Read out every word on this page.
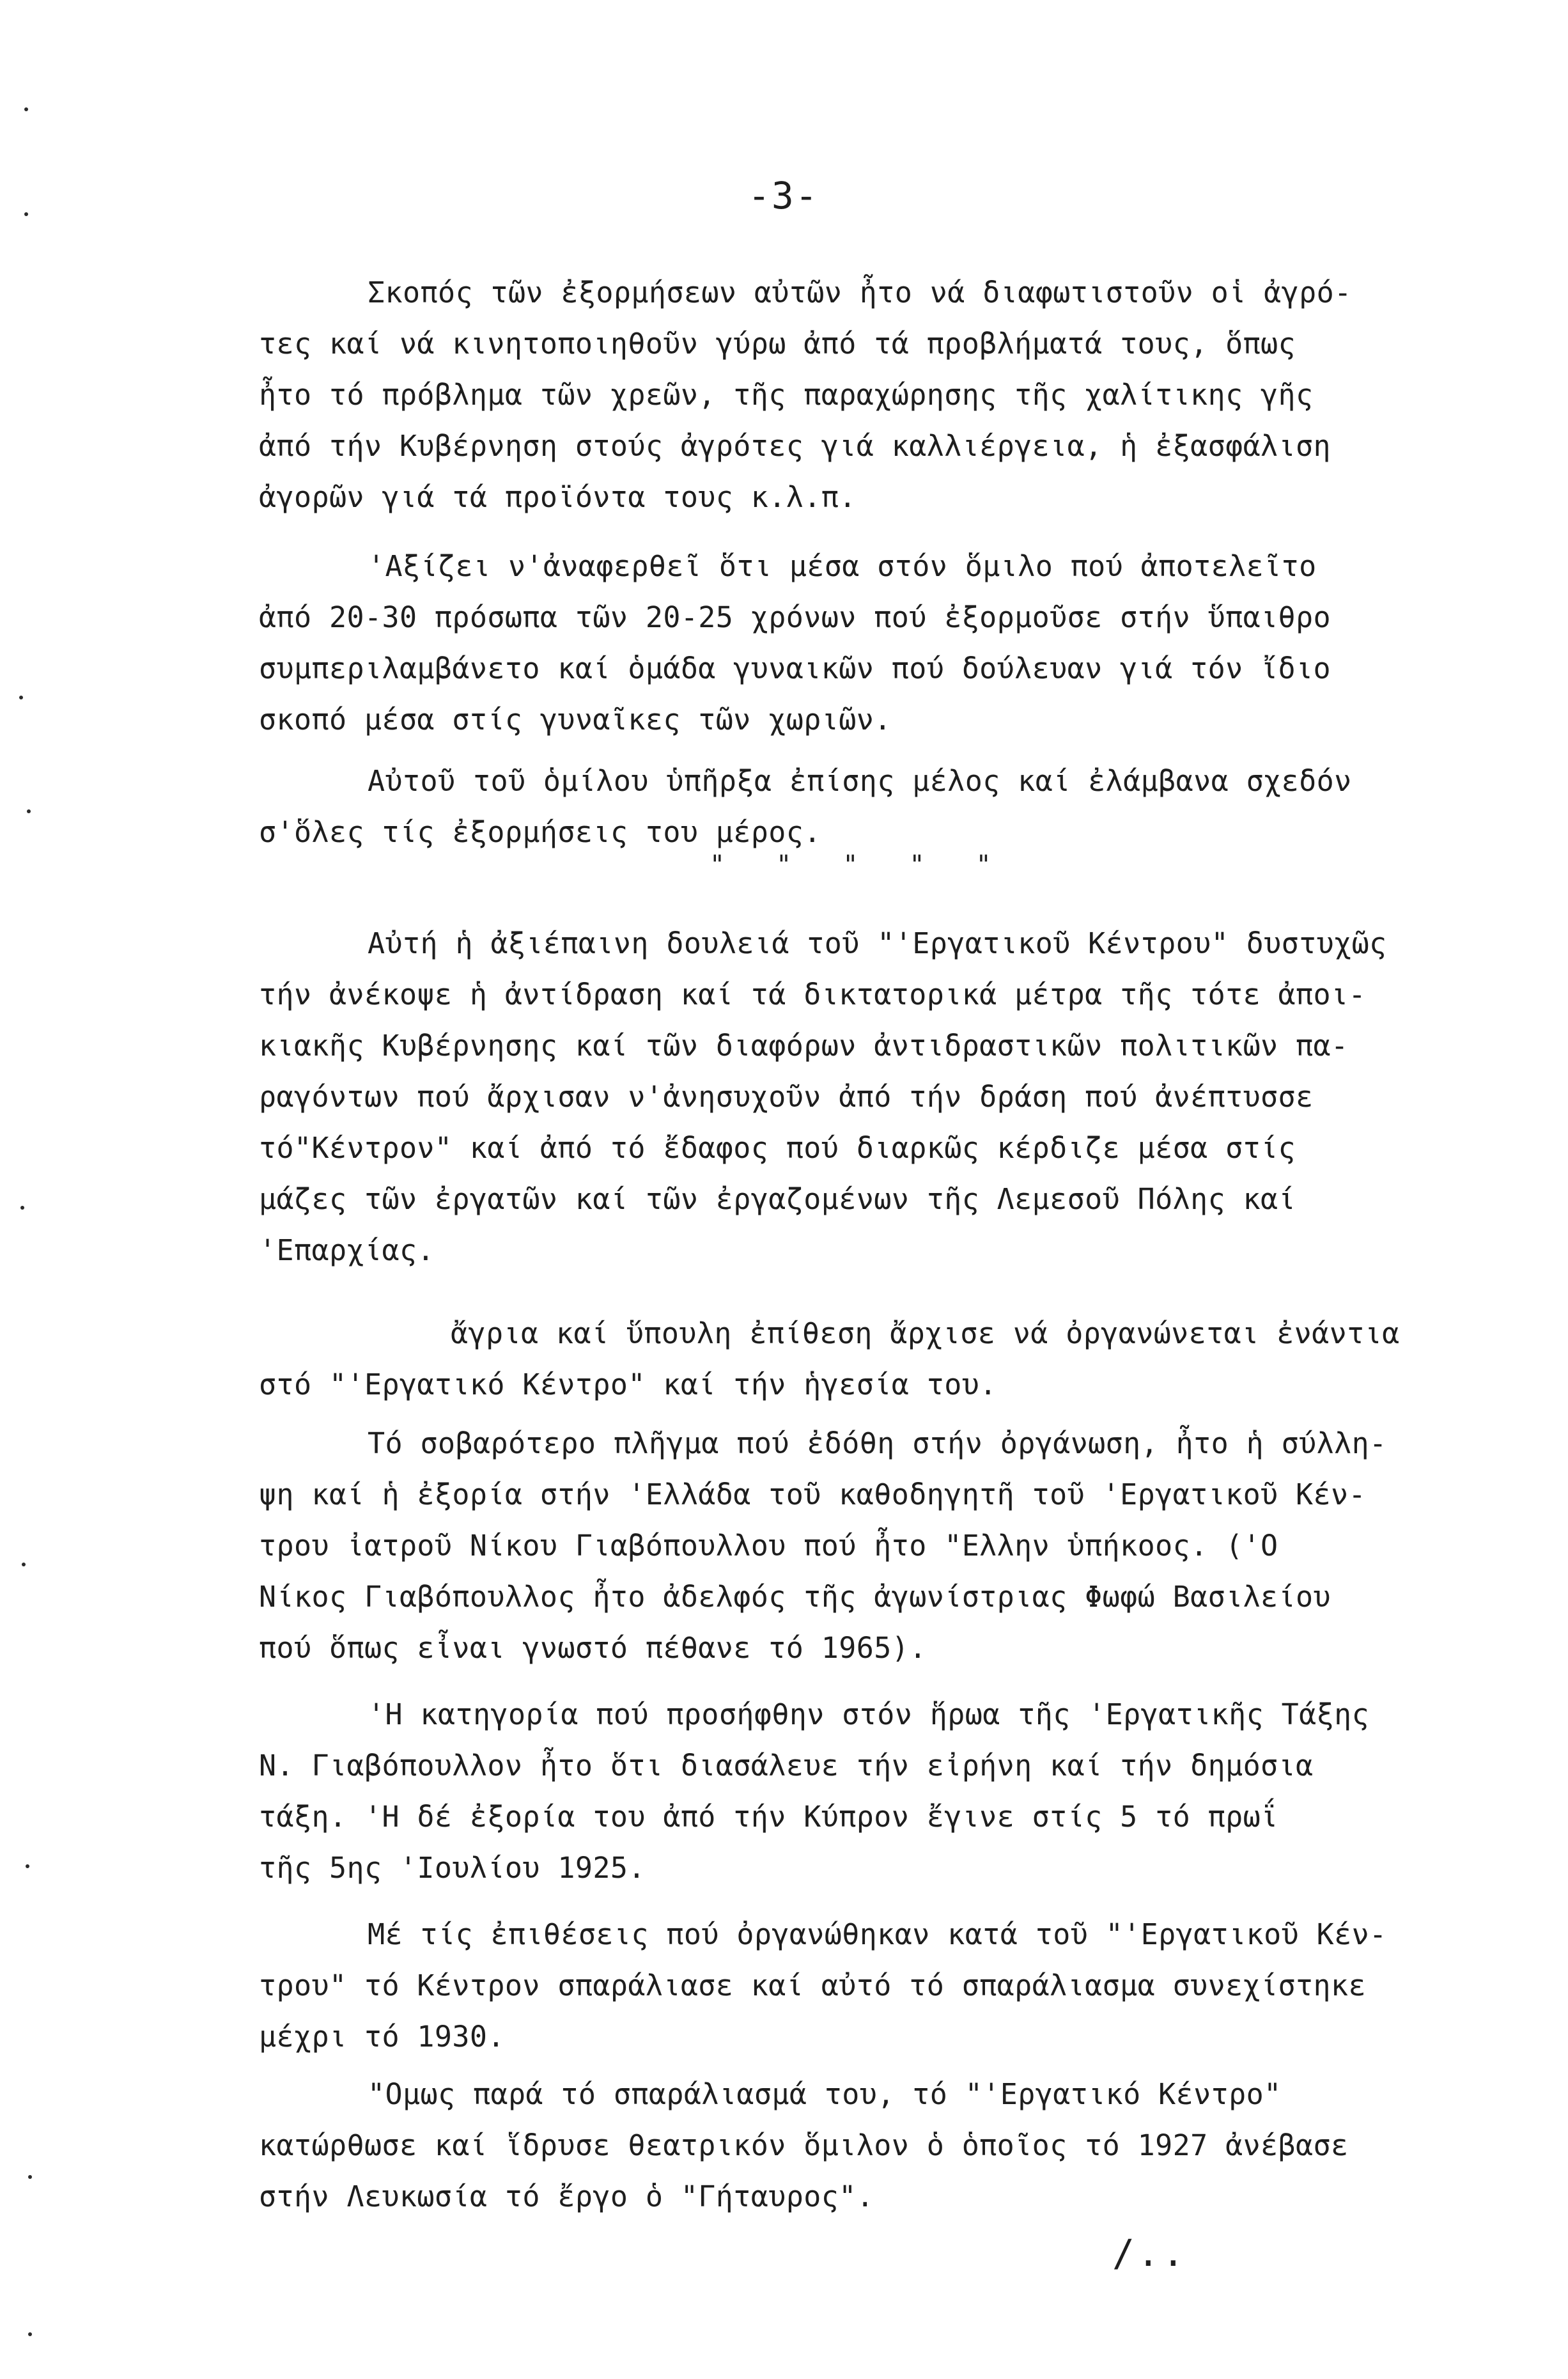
-3-
Σκοπός τῶν ἐξορμήσεων αὐτῶν ἦτο νά διαφωτιστοῦν οἱ ἀγρό-
τες καί νά κινητοποιηθοῦν γύρω ἀπό τά προβλήματά τους, ὅπως
ἦτο τό πρόβλημα τῶν χρεῶν, τῆς παραχώρησης τῆς χαλίτικης γῆς
ἀπό τήν Κυβέρνηση στούς ἀγρότες γιά καλλιέργεια, ἡ ἐξασφάλιση
ἀγορῶν γιά τά προϊόντα τους κ.λ.π.
'Αξίζει ν'ἀναφερθεῖ ὅτι μέσα στόν ὅμιλο πού ἀποτελεῖτο
ἀπό 20-30 πρόσωπα τῶν 20-25 χρόνων πού ἐξορμοῦσε στήν ὕπαιθρο
συμπεριλαμβάνετο καί ὁμάδα γυναικῶν πού δούλευαν γιά τόν ἴδιο
σκοπό μέσα στίς γυναῖκες τῶν χωριῶν.
Αὐτοῦ τοῦ ὁμίλου ὑπῆρξα ἐπίσης μέλος καί ἐλάμβανα σχεδόν
σ'ὅλες τίς ἐξορμήσεις του μέρος.
" " " " "
Αὐτή ἡ ἀξιέπαινη δουλειά τοῦ "'Εργατικοῦ Κέντρου" δυστυχῶς
τήν ἀνέκοψε ἡ ἀντίδραση καί τά δικτατορικά μέτρα τῆς τότε ἀποι-
κιακῆς Κυβέρνησης καί τῶν διαφόρων ἀντιδραστικῶν πολιτικῶν πα-
ραγόντων πού ἄρχισαν ν'ἀνησυχοῦν ἀπό τήν δράση πού ἀνέπτυσσε
τό"Κέντρον" καί ἀπό τό ἔδαφος πού διαρκῶς κέρδιζε μέσα στίς
μάζες τῶν ἐργατῶν καί τῶν ἐργαζομένων τῆς Λεμεσοῦ Πόλης καί
'Επαρχίας.
ἄγρια καί ὕπουλη ἐπίθεση ἄρχισε νά ὀργανώνεται ἐνάντια
στό "'Εργατικό Κέντρο" καί τήν ἡγεσία του.
Τό σοβαρότερο πλῆγμα πού ἐδόθη στήν ὀργάνωση, ἦτο ἡ σύλλη-
ψη καί ἡ ἐξορία στήν 'Ελλάδα τοῦ καθοδηγητῆ τοῦ 'Εργατικοῦ Κέν-
τρου ἰατροῦ Νίκου Γιαβόπουλλου πού ἦτο "Ελλην ὑπήκοος. ('Ο
Νίκος Γιαβόπουλλος ἦτο ἀδελφός τῆς ἀγωνίστριας Φωφώ Βασιλείου
πού ὅπως εἶναι γνωστό πέθανε τό 1965).
'Η κατηγορία πού προσήφθην στόν ἥρωα τῆς 'Εργατικῆς Τάξης
Ν. Γιαβόπουλλον ἦτο ὅτι διασάλευε τήν εἰρήνη καί τήν δημόσια
τάξη. 'Η δέ ἐξορία του ἀπό τήν Κύπρον ἔγινε στίς 5 τό πρωΐ
τῆς 5ης 'Ιουλίου 1925.
Μέ τίς ἐπιθέσεις πού ὀργανώθηκαν κατά τοῦ "'Εργατικοῦ Κέν-
τρου" τό Κέντρον σπαράλιασε καί αὐτό τό σπαράλιασμα συνεχίστηκε
μέχρι τό 1930.
"Ομως παρά τό σπαράλιασμά του, τό "'Εργατικό Κέντρο"
κατώρθωσε καί ἵδρυσε θεατρικόν ὅμιλον ὁ ὁποῖος τό 1927 ἀνέβασε
στήν Λευκωσία τό ἔργο ὁ "Γήταυρος".
/..
